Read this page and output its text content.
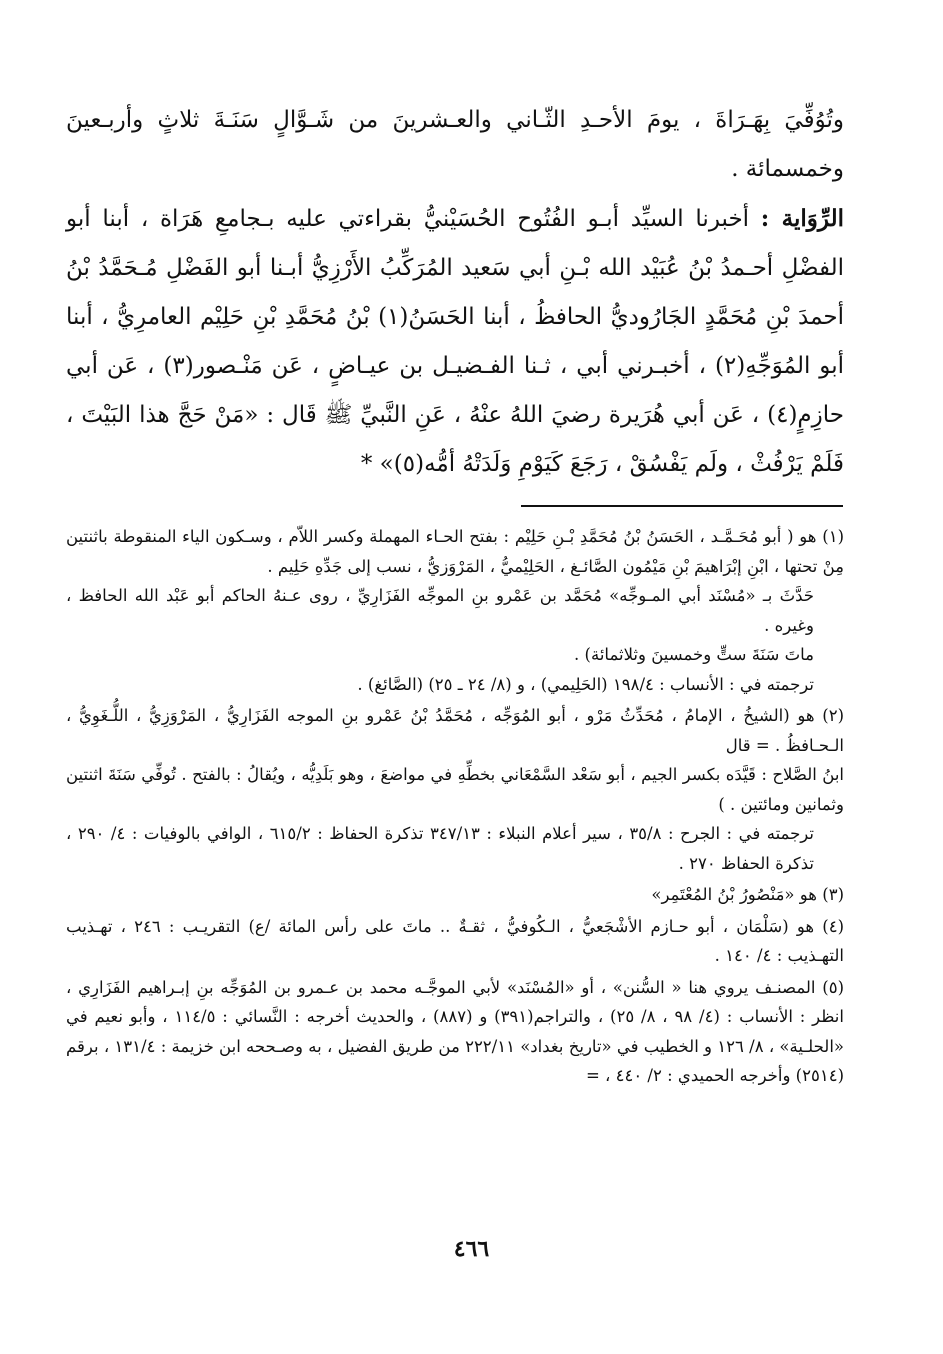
وتُوُفِّيَ بِهَـرَاةَ ، يومَ الأحـدِ الثّـاني والعـشرينَ من شَـوَّالٍ سَنَـةَ ثلاثٍ وأربـعينَ وخمسمائة .

الرِّوَاية : أخبرنا السيِّد أبـو الفُتُوح الحُسَيْنيُّ بقراءتي عليه بـجامعِ هَرَاة ، أبنا أبو الفضْلِ أحـمدُ بْنُ عُبَيْد الله بْـنِ أبي سَعيد المُرَكِّبُ الأَرْزِيُّ أبـنا أبو الفَضْلِ مُـحَمَّدُ بْنُ أحمدَ بْنِ مُحَمَّدٍ الجَارُوديُّ الحافظُ ، أبنا الحَسَنُ(١) بْنُ مُحَمَّدِ بْنِ حَلِيْم العامرِيُّ ، أبنا أبو المُوَجِّهِ(٢) ، أخبـرني أبي ، ثـنا الفـضيـل بن عيـاضٍ ، عَن مَنْـصور(٣) ، عَن أبي حازِمٍ(٤) ، عَن أبي هُرَيرة رضيَ اللهُ عنْهُ ، عَنِ النَّبيِّ ﷺ قَال : «مَنْ حَجَّ هذا البَيْتَ ، فَلَمْ يَرْفُثْ ، ولَم يَفْسُقْ ، رَجَعَ كَيَوْمِ وَلَدَتْهُ أمُّه(٥)» *

(١) هو ( أبو مُحَـمَّـد ، الحَسَنُ بْنُ مُحَمَّدِ بْـنِ حَلِيْم : بفتح الحـاء المهملة وكسر اللاّم ، وسـكون الياء المنقوطة باثنتين مِنْ تحتها ، ابْنِ إبْرَاهيمَ بْنِ مَيْمُون الصَّائـغ ، الحَلِيْميُّ ، المَرْوَزيُّ ، نسب إلى جَدِّهِ حَلِيم .
حَدَّثَ بـ «مُسْنَد أبي المـوجِّه» مُحَمَّد بن عَمْرو بنِ الموجِّه الفَزَارِيِّ ، روى عـنهُ الحاكم أبو عَبْد الله الحافظ ، وغيره .
ماتَ سَنَةَ ستٍّ وخمسينَ وثلاثمائة) .
ترجمته في : الأنساب : ١٩٨/٤ (الحَلِيمي) ، و (٨/ ٢٤ ـ ٢٥) (الصَّائغ) .
(٢) هو (الشيخُ ، الإمامُ ، مُحَدِّثُ مَرْو ، أبو المُوَجِّه ، مُحَمَّدُ بْنُ عَمْرو بنِ الموجه الفَزَارِيُّ ، المَرْوَزِيُّ ، اللُّـغَوِيُّ ، الـحـافظُ . = قال
ابنُ الصَّلاح : قَيَّدَه بكسر الجيم ، أبو سَعْد السَّمْعَاني بخطِّهِ في مواضعَ ، وهو بَلَدِيُّه ، ويُقالُ : بالفتح . تُوفِّي سَنَةَ اثنتين وثمانين ومائتين . )
ترجمته في : الجرح : ٣٥/٨ ، سير أعلام النبلاء : ٣٤٧/١٣ تذكرة الحفاظ : ٦١٥/٢ ، الوافي بالوفيات : ٤/ ٢٩٠ ، تذكرة الحفاظ ٢٧٠ .
(٣) هو «مَنْصُورُ بْنُ المُعْتَمِر»
(٤) هو (سَلْمَان ، أبو حـازم الأشْجَعيُّ ، الـكُوفيُّ ، ثقـةٌ .. ماتَ على رأس المائة /ع) التقريـب : ٢٤٦ ، تهـذيب التهـذيب : ٤/ ١٤٠ .
(٥) المصنـف يروي هنا « السُّنن» ، أو «المُسْنَد» لأبي الموجَّـه محمد بن عـمرو بن المُوَجِّه بنِ إبـراهيم الفَزَارِي ، انظر : الأنساب : (٤/ ٩٨ ، ٨/ ٢٥) ، والتراجم(٣٩١) و (٨٨٧) ، والحديث أخرجه : النَّسائي : ١١٤/٥ ، وأبو نعيم في «الحلـية» ، ٨/ ١٢٦ و الخطيب في «تاريخ بغداد» ٢٢٢/١١ من طريق الفضيل ، به وصـححه ابن خزيمة : ١٣١/٤ ، برقم (٢٥١٤) وأخرجه الحميدي : ٢/ ٤٤٠ ، =
٤٦٦
